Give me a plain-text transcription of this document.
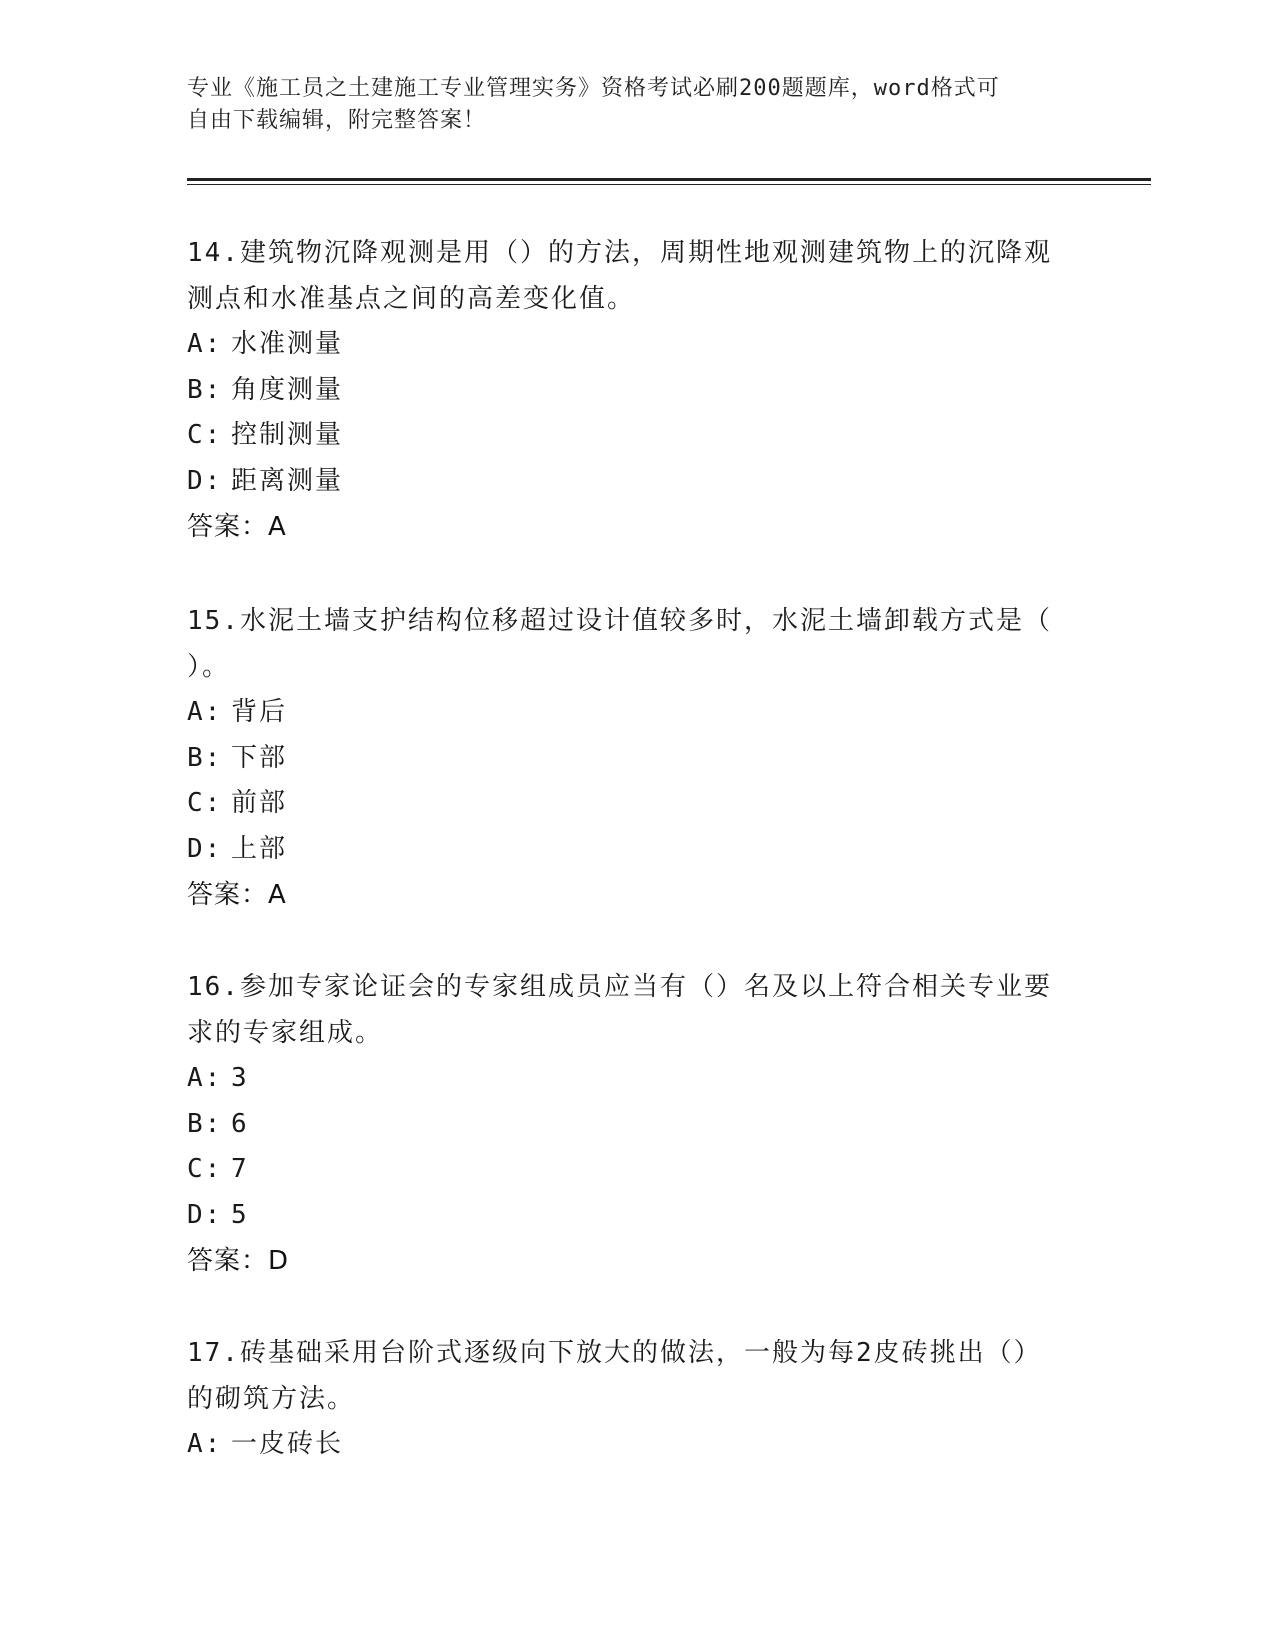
专业《施工员之土建施工专业管理实务》资格考试必刷200题题库，word格式可
自由下载编辑，附完整答案！

14.建筑物沉降观测是用（）的方法，周期性地观测建筑物上的沉降观
测点和水准基点之间的高差变化值。

A: 水准测量

B: 角度测量

C: 控制测量

D: 距离测量

答案：A

15.水泥土墙支护结构位移超过设计值较多时，水泥土墙卸载方式是（
）。

A: 背后

B: 下部

C: 前部

D: 上部

答案：A

16.参加专家论证会的专家组成员应当有（）名及以上符合相关专业要
求的专家组成。

A: 3

B: 6

C: 7

D: 5

答案：D

17.砖基础采用台阶式逐级向下放大的做法，一般为每2皮砖挑出（）
的砌筑方法。

A: 一皮砖长
